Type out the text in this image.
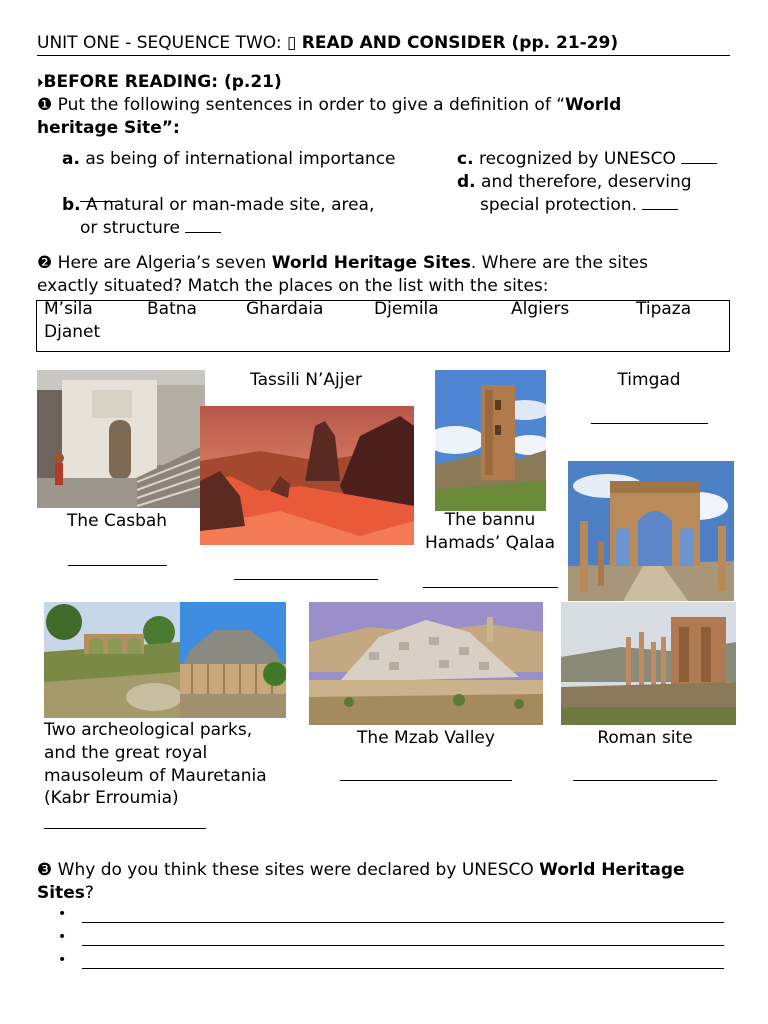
UNIT ONE - SEQUENCE TWO: ▯ READ AND CONSIDER (pp. 21-29)
⏵BEFORE READING: (p.21)
❶ Put the following sentences in order to give a definition of “World
heritage Site”:
a. as being of international importance
b. A natural or man-made site, area,
or structure
c. recognized by UNESCO
d. and therefore, deserving
special protection.
❷ Here are Algeria’s seven World Heritage Sites. Where are the sites
exactly situated? Match the places on the list with the sites:
M’sila	Batna	Ghardaia	Djemila	Algiers	Tipaza
Djanet
The Casbah
Tassili N’Ajjer
The bannu
Hamads’ Qalaa
Timgad
Two archeological parks,
and the great royal
mausoleum of Mauretania
(Kabr Erroumia)
The Mzab Valley	Roman site
❸ Why do you think these sites were declared by UNESCO World Heritage
Sites?
•
•
•
